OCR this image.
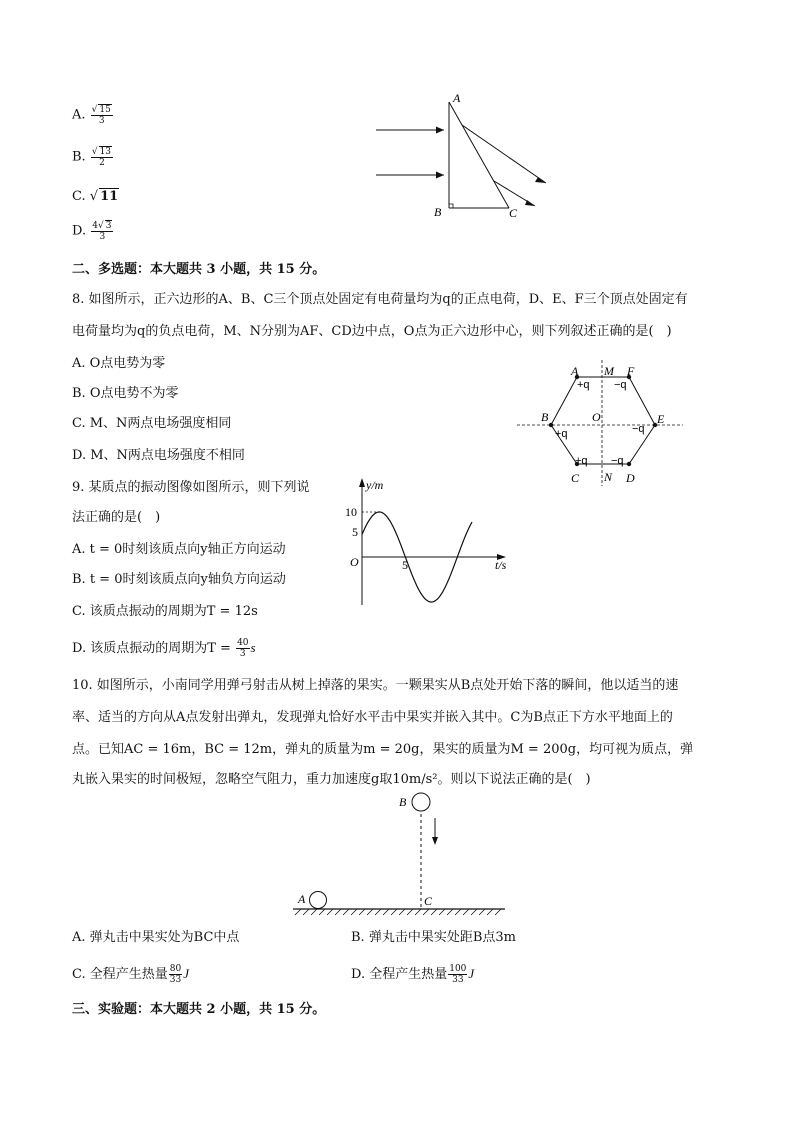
A. $\frac{√ 15}{3}$
B. $\frac{√ 13}{2}$
C. √ 11
D. $\frac{4√ 3}{3}$
A
B	C
二、多选题：本大题共 3 小题，共 15 分。
8. 如图所示，正六边形的A、B、C三个顶点处固定有电荷量均为q的正点电荷，D、E、F三个顶点处固定有
电荷量均为q的负点电荷，M、N分别为AF、CD边中点，O点为正六边形中心，则下列叙述正确的是(　)
A. O点电势为零
B. O点电势不为零
C. M、N两点电场强度相同
D. M、N两点电场强度不相同
A M F
+q −q
B	O	E
+q	−q
+q −q
C N D
9. 某质点的振动图像如图所示，则下列说
法正确的是(　)
A. t = 0时刻该质点向y轴正方向运动
B. t = 0时刻该质点向y轴负方向运动
C. 该质点振动的周期为T = 12s
D. 该质点振动的周期为$T = \frac{40}{3}$ s
y/m
t/s
10
5
O	5
10. 如图所示，小南同学用弹弓射击从树上掉落的果实。一颗果实从B点处开始下落的瞬间，他以适当的速
率、适当的方向从A点发射出弹丸，发现弹丸恰好水平击中果实并嵌入其中。C为B点正下方水平地面上的
点。已知AC = 16m，BC = 12m，弹丸的质量为m = 20g，果实的质量为M = 200g，均可视为质点，弹
丸嵌入果实的时间极短，忽略空气阻力，重力加速度g取10m/s²。则以下说法正确的是(　)
B
A	C
A. 弹丸击中果实处为BC中点	B. 弹丸击中果实处距B点3m
C. 全程产生热量 $\frac{80}{33}$ J	D. 全程产生热量 $\frac{100}{33}$ J
三、实验题：本大题共 2 小题，共 15 分。
